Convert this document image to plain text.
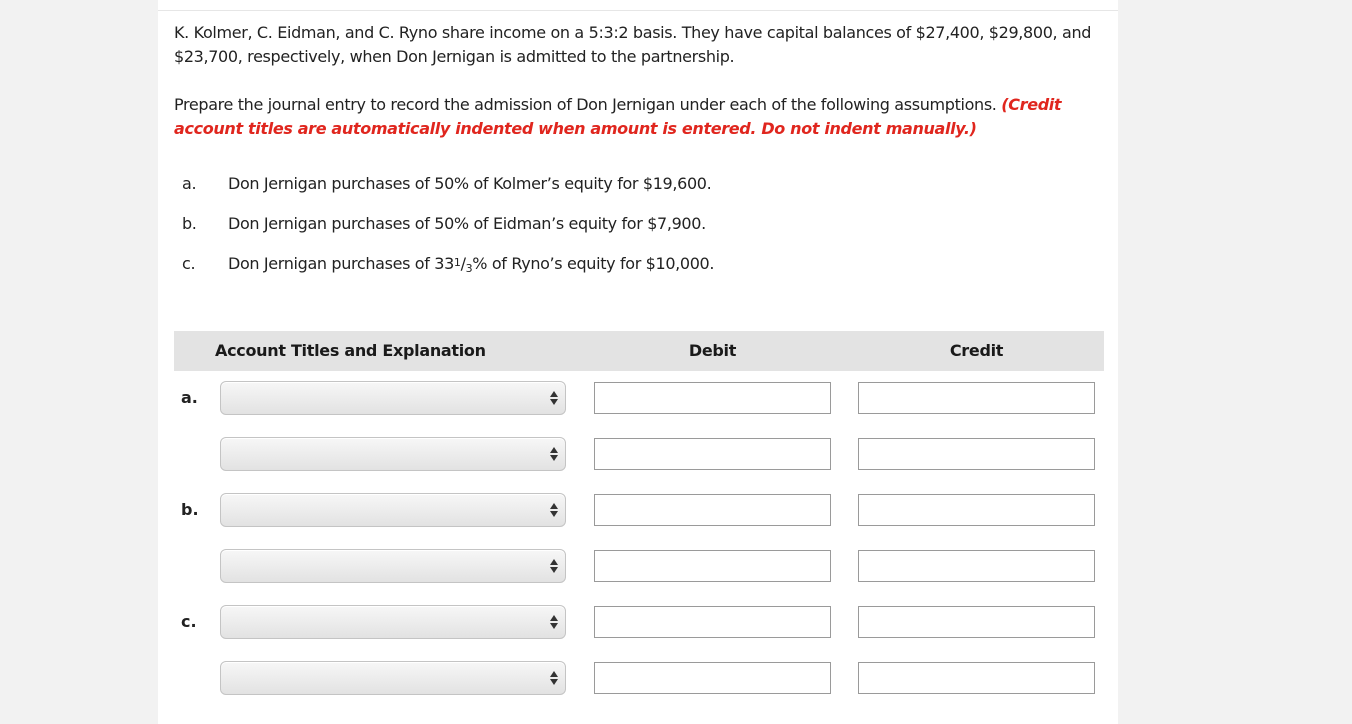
K. Kolmer, C. Eidman, and C. Ryno share income on a 5:3:2 basis. They have capital balances of $27,400, $29,800, and $23,700, respectively, when Don Jernigan is admitted to the partnership.
Prepare the journal entry to record the admission of Don Jernigan under each of the following assumptions. (Credit account titles are automatically indented when amount is entered. Do not indent manually.)
a.	Don Jernigan purchases of 50% of Kolmer’s equity for $19,600.
b.	Don Jernigan purchases of 50% of Eidman’s equity for $7,900.
c.	Don Jernigan purchases of $33^1/_3\%$ of Ryno’s equity for $10,000.
Account Titles and Explanation	Debit	Credit
a.
b.
c.
